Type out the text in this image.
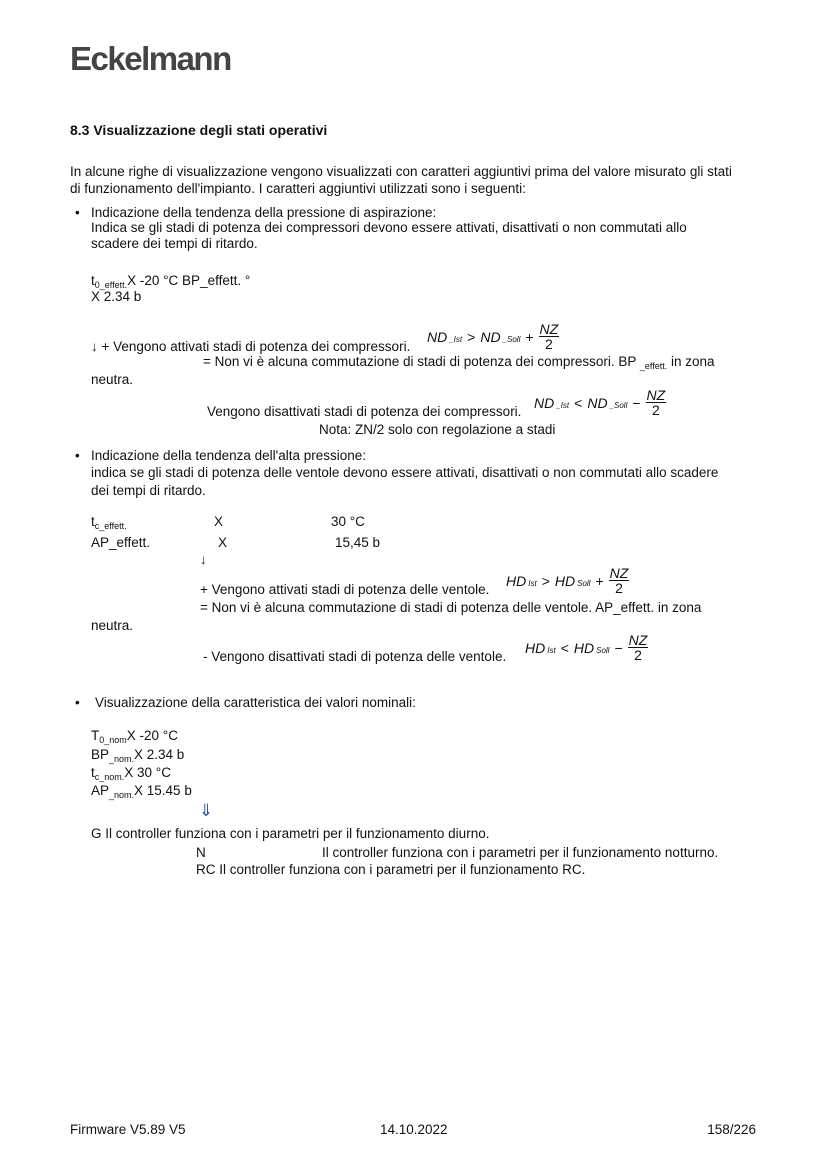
Eckelmann
8.3 Visualizzazione degli stati operativi
In alcune righe di visualizzazione vengono visualizzati con caratteri aggiuntivi prima del valore misurato gli stati
di funzionamento dell'impianto. I caratteri aggiuntivi utilizzati sono i seguenti:
• Indicazione della tendenza della pressione di aspirazione:
Indica se gli stadi di potenza dei compressori devono essere attivati, disattivati o non commutati allo
scadere dei tempi di ritardo.
$t_{0\_effett.}X$ -20 °C BP_effett. °
X 2.34 b
↓ + Vengono attivati stadi di potenza dei compressori.
ND $_{\_Ist}$ > ND $_{\_Soll} + \frac{NZ}{2}$
= Non vi è alcuna commutazione di stadi di potenza dei compressori. BP $_{\_effett.}$ in zona
neutra.
Vengono disattivati stadi di potenza dei compressori.
ND $_{\_Ist}$ < ND $_{\_Soll} - \frac{NZ}{2}$
Nota: ZN/2 solo con regolazione a stadi
• Indicazione della tendenza dell'alta pressione:
indica se gli stadi di potenza delle ventole devono essere attivati, disattivati o non commutati allo scadere
dei tempi di ritardo.
$t_{c\_effett.}$	X	30 °C
AP_effett.	X	15,45 b
↓
+ Vengono attivati stadi di potenza delle ventole.
HD $_{Ist}$ > HD $_{Soll} + \frac{NZ}{2}$
= Non vi è alcuna commutazione di stadi di potenza delle ventole. AP_effett. in zona
neutra.
- Vengono disattivati stadi di potenza delle ventole.
HD $_{Ist}$ < HD $_{Soll} - \frac{NZ}{2}$
• Visualizzazione della caratteristica dei valori nominali:
$T_{0\_nom}X$ -20 °C
$BP_{\_nom.}X$ 2.34 b
$t_{c\_nom.}X$ 30 °C
$AP_{\_nom.}X$ 15.45 b
⇓
G Il controller funziona con i parametri per il funzionamento diurno.
N	Il controller funziona con i parametri per il funzionamento notturno.
RC Il controller funziona con i parametri per il funzionamento RC.
Firmware V5.89 V5	14.10.2022	158/226
